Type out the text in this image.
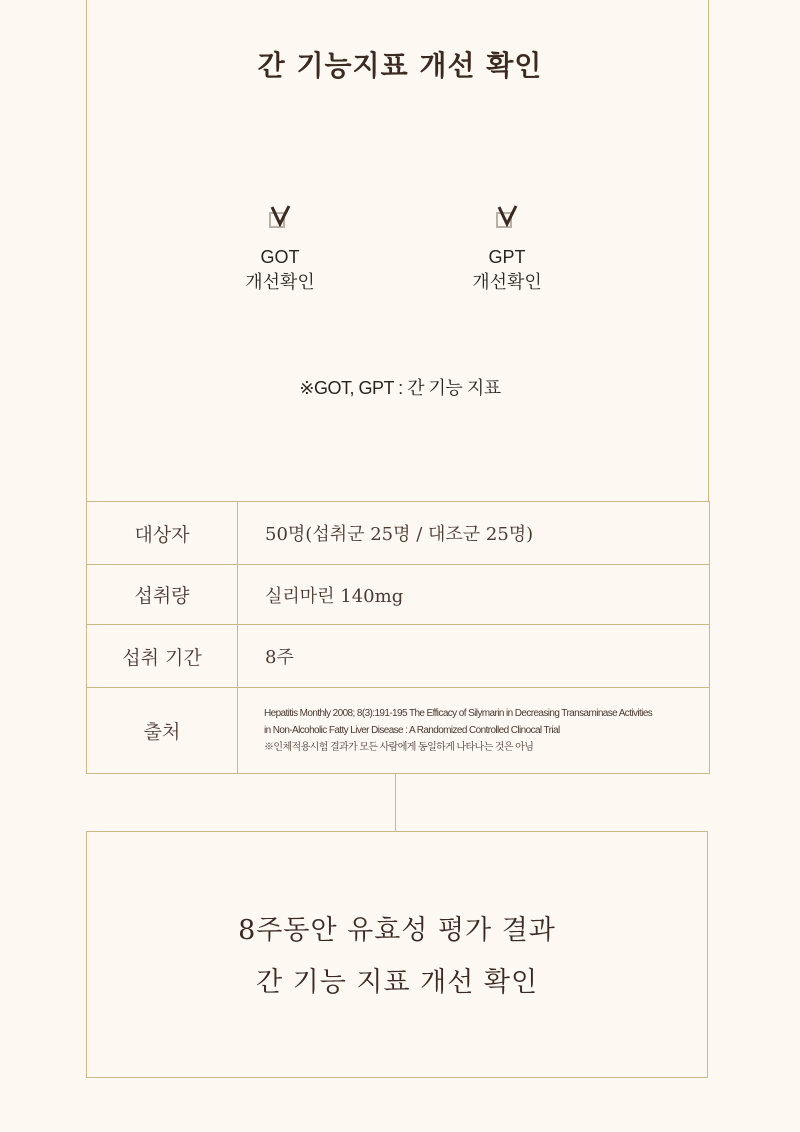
간 기능지표 개선 확인
GOT
개선확인
GPT
개선확인
※GOT, GPT : 간 기능 지표
대상자	50명(섭취군 25명 / 대조군 25명)
섭취량	실리마린 140mg
섭취 기간	8주
출처	Hepatitis Monthly 2008; 8(3):191-195 The Efficacy of Silymarin in Decreasing Transaminase Activities
in Non-Alcoholic Fatty Liver Disease : A Randomized Controlled Clinocal Trial
※인체적용시험 결과가 모든 사람에게 동일하게 나타나는 것은 아님
8주동안 유효성 평가 결과
간 기능 지표 개선 확인
